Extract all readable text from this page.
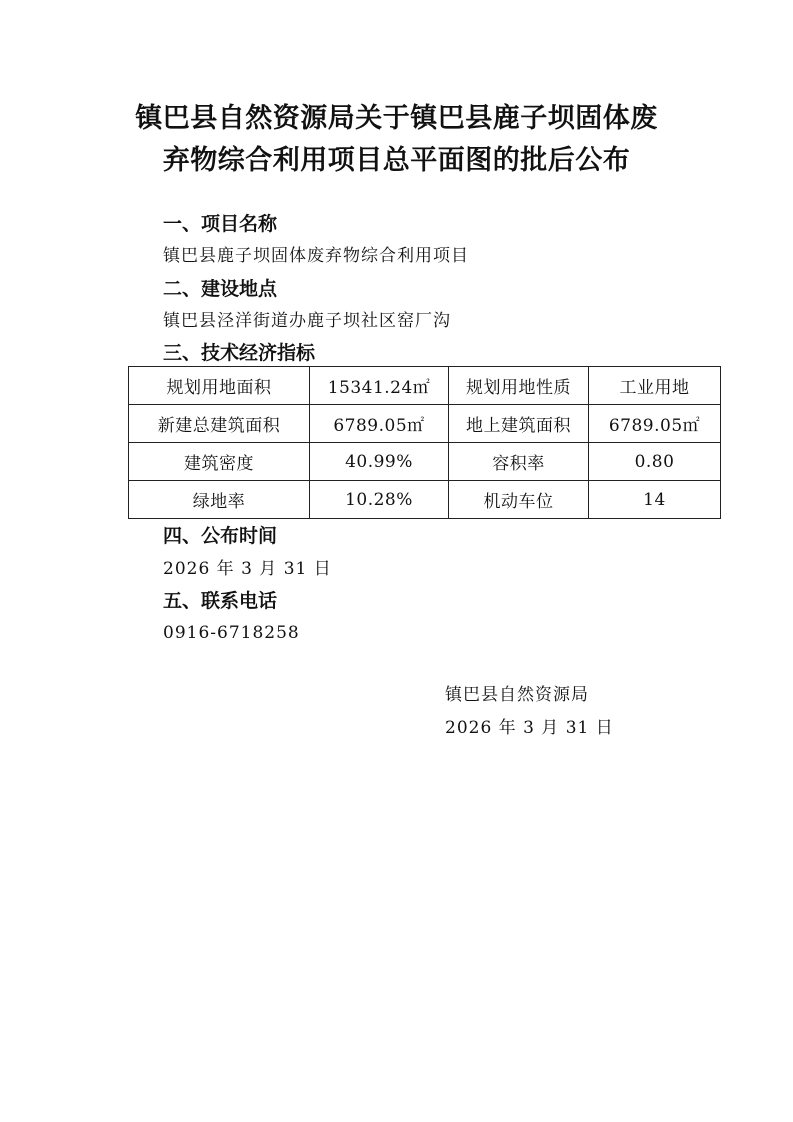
镇巴县自然资源局关于镇巴县鹿子坝固体废
弃物综合利用项目总平面图的批后公布
一、项目名称
镇巴县鹿子坝固体废弃物综合利用项目
二、建设地点
镇巴县泾洋街道办鹿子坝社区窑厂沟
三、技术经济指标
规划用地面积	15341.24㎡	规划用地性质	工业用地
新建总建筑面积	6789.05㎡	地上建筑面积	6789.05㎡
建筑密度	40.99%	容积率	0.80
绿地率	10.28%	机动车位	14
四、公布时间
2026 年 3 月 31 日
五、联系电话
0916-6718258
镇巴县自然资源局
2026 年 3 月 31 日
